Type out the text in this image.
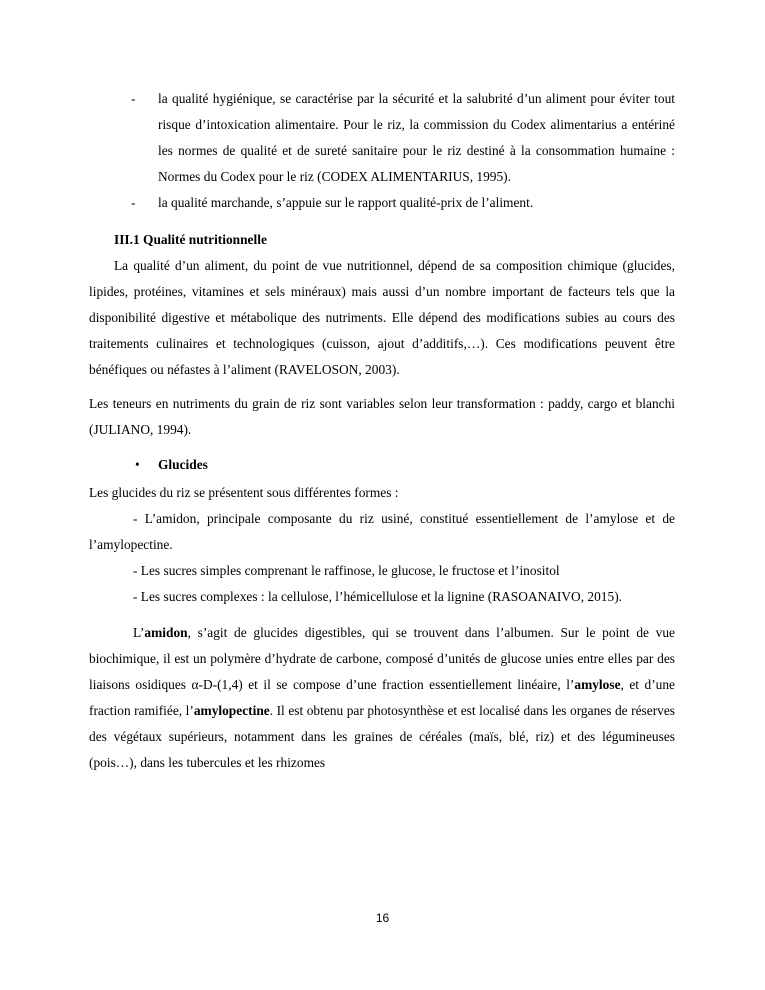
- la qualité hygiénique, se caractérise par la sécurité et la salubrité d’un aliment pour éviter tout risque d’intoxication alimentaire. Pour le riz, la commission du Codex alimentarius a entériné les normes de qualité et de sureté sanitaire pour le riz destiné à la consommation humaine : Normes du Codex pour le riz (CODEX ALIMENTARIUS, 1995).
- la qualité marchande, s’appuie sur le rapport qualité-prix de l’aliment.
III.1 Qualité nutritionnelle

La qualité d’un aliment, du point de vue nutritionnel, dépend de sa composition chimique (glucides, lipides, protéines, vitamines et sels minéraux) mais aussi d’un nombre important de facteurs tels que la disponibilité digestive et métabolique des nutriments. Elle dépend des modifications subies au cours des traitements culinaires et technologiques (cuisson, ajout d’additifs,…). Ces modifications peuvent être bénéfiques ou néfastes à l’aliment (RAVELOSON, 2003).

Les teneurs en nutriments du grain de riz sont variables selon leur transformation : paddy, cargo et blanchi (JULIANO, 1994).

• Glucides

Les glucides du riz se présentent sous différentes formes :

- L’amidon, principale composante du riz usiné, constitué essentiellement de l’amylose et de l’amylopectine.

- Les sucres simples comprenant le raffinose, le glucose, le fructose et l’inositol

- Les sucres complexes : la cellulose, l’hémicellulose et la lignine (RASOANAIVO, 2015).

L’amidon, s’agit de glucides digestibles, qui se trouvent dans l’albumen. Sur le point de vue biochimique, il est un polymère d’hydrate de carbone, composé d’unités de glucose unies entre elles par des liaisons osidiques α-D-(1,4) et il se compose d’une fraction essentiellement linéaire, l’amylose, et d’une fraction ramifiée, l’amylopectine. Il est obtenu par photosynthèse et est localisé dans les organes de réserves des végétaux supérieurs, notamment dans les graines de céréales (maïs, blé, riz) et des légumineuses (pois…), dans les tubercules et les rhizomes

16
